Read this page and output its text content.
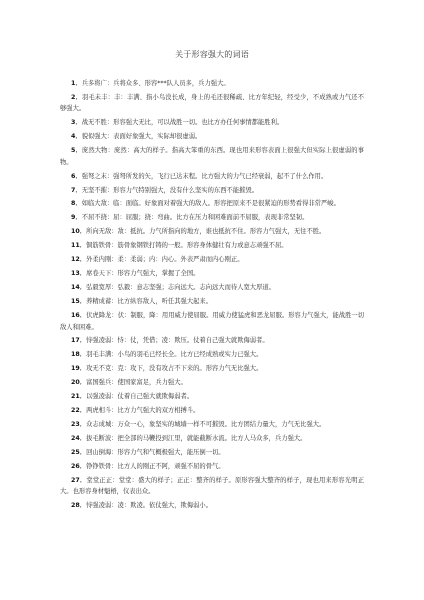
关于形容强大的词语

1．兵多将广：兵将众多、形容***队人员多，兵力强大。

2．羽毛未丰：丰：丰满、指小鸟没长成，身上的毛还很稀疏、比方年纪轻，经受少，不成熟或力气还不够强大。

3．战无不胜：形容强大无比，可以战胜一切。也比方办任何事情都能胜利。

4．貌似强大：表面好象强大，实际却很虚弱。

5．庞然大物：庞然：高大的样子。指高大笨重的东西。现也用来形容表面上很强大但实际上很虚弱的事物。

6．强弩之末：强弩所发的矢，飞行已达末程。比方强大的力气已经衰弱，起不了什么作用。

7．无坚不摧：形容力气特别强大，没有什么坚实的东西不能摧毁。

8．如临大敌：临：面临。好象面对着强大的敌人。形容把原来不是很紧迫的形势看得非常严峻。

9．不屈不挠：屈：屈服；挠：弯曲。比方在压力和困难面前不屈服，表现非常坚韧。

10．所向无敌：敌：抵抗。力气所指向的地方，谁也抵抗不住。形容力气强大，无往不胜。

11．铜筋铁骨：筋骨象钢铁打铸的一般。形容身体健壮有力或意志顽强不屈。

12．外柔内刚：柔：柔弱；内：内心。外表严肃而内心刚正。

13．席卷天下：形容力气强大，掌握了全国。

14．弘毅宽厚：弘毅：意志坚强；志向远大。志向远大而待人宽大厚道。

15．养精成蓄：比方纵容敌人，听任其强大起来。

16．伏虎降龙：伏：制服，降：用用威力使屈服。用威力使猛虎和恶龙屈服。形容力气强大，能战胜一切敌人和困难。

17．恃强凌弱：恃：仗，凭借；凌：欺压。仗着自己强大就欺侮弱者。

18．羽毛丰满：小鸟的羽毛已经长全。比方已经成熟或实力已强大。

19．攻无不克：克：攻下，没有攻占不下来的。形容力气无比强大。

20．富国强兵：使国家富足，兵力强大。

21．以强凌弱：仗着自己强大就欺侮弱者。

22．两虎相斗：比方力气强大的双方相搏斗。

23．众志成城：万众一心，象坚实的城墙一样不可摧毁。比方团结力量大，力气无比强大。

24．拔毛断波：把全部的马鞭投到江里，就能截断水流。比方人马众多，兵力强大。

25．回山倒海：形容力气和气概极强大，能压倒一切。

26．铮铮铁骨：比方人的刚正不阿，顽强不屈的骨气。

27．堂堂正正：堂堂：盛大的样子；正正：整齐的样子。原形容强大整齐的样子，现也用来形容光明正大。也形容身材魁梧，仪表出众。

28．恃强凌弱：凌：欺凌。依仗强大，欺侮弱小。
